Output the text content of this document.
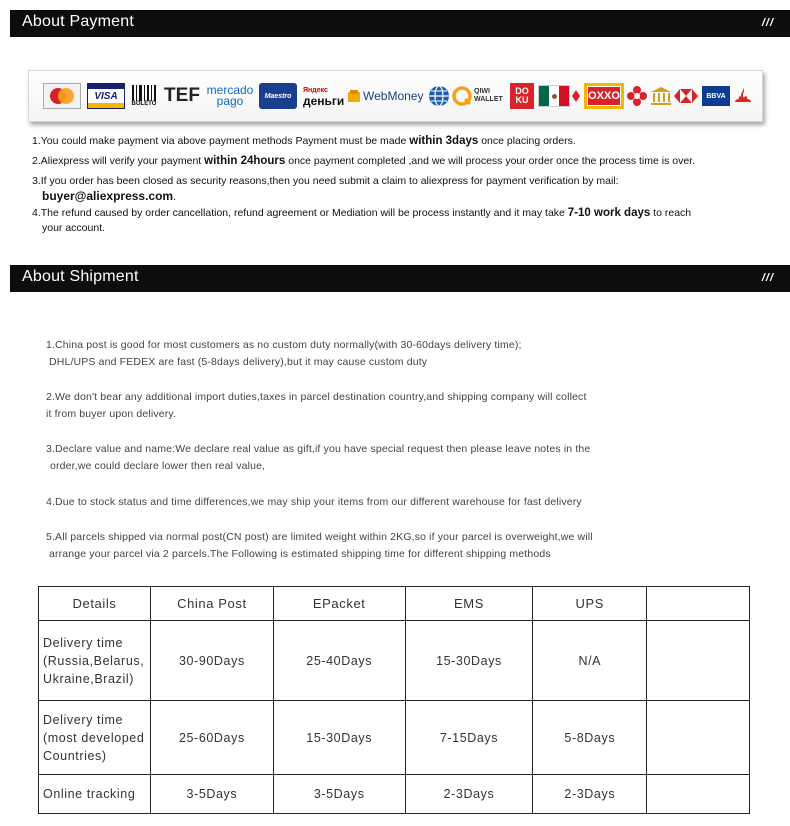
About Payment	///
VISA
BOLETO TEF mercado
pago	Maestro
Яндекс
деньги WebMoney	QIWI
WALLET
DO
KU	OXXO	BBVA
1.You could make payment via above payment methods Payment must be made within 3days once placing orders.
2.Aliexpress will verify your payment within 24hours once payment completed ,and we will process your order once the process time is over.
3.If you order has been closed as security reasons,then you need submit a claim to aliexpress for payment verification by mail:
buyer@aliexpress.com.
4.The refund caused by order cancellation, refund agreement or Mediation will be process instantly and it may take 7-10 work days to reach
your account.
About Shipment	///
1.China post is good for most customers as no custom duty normally(with 30-60days delivery time);
DHL/UPS and FEDEX are fast (5-8days delivery),but it may cause custom duty
2.We don't bear any additional import duties,taxes in parcel destination country,and shipping company will collect
it from buyer upon delivery.
3.Declare value and name:We declare real value as gift,if you have special request then please leave notes in the
order,we could declare lower then real value,
4.Due to stock status and time differences,we may ship your items from our different warehouse for fast delivery
5.All parcels shipped via normal post(CN post) are limited weight within 2KG,so if your parcel is overweight,we will
arrange your parcel via 2 parcels.The Following is estimated shipping time for different shipping methods
Details	China Post	EPacket	EMS	UPS	

Delivery time
(Russia,Belarus,
Ukraine,Brazil)	30-90Days	25-40Days	15-30Days	N/A	

Delivery time
(most developed
Countries)	25-60Days	15-30Days	7-15Days	5-8Days	

Online tracking	3-5Days	3-5Days	2-3Days	2-3Days	
